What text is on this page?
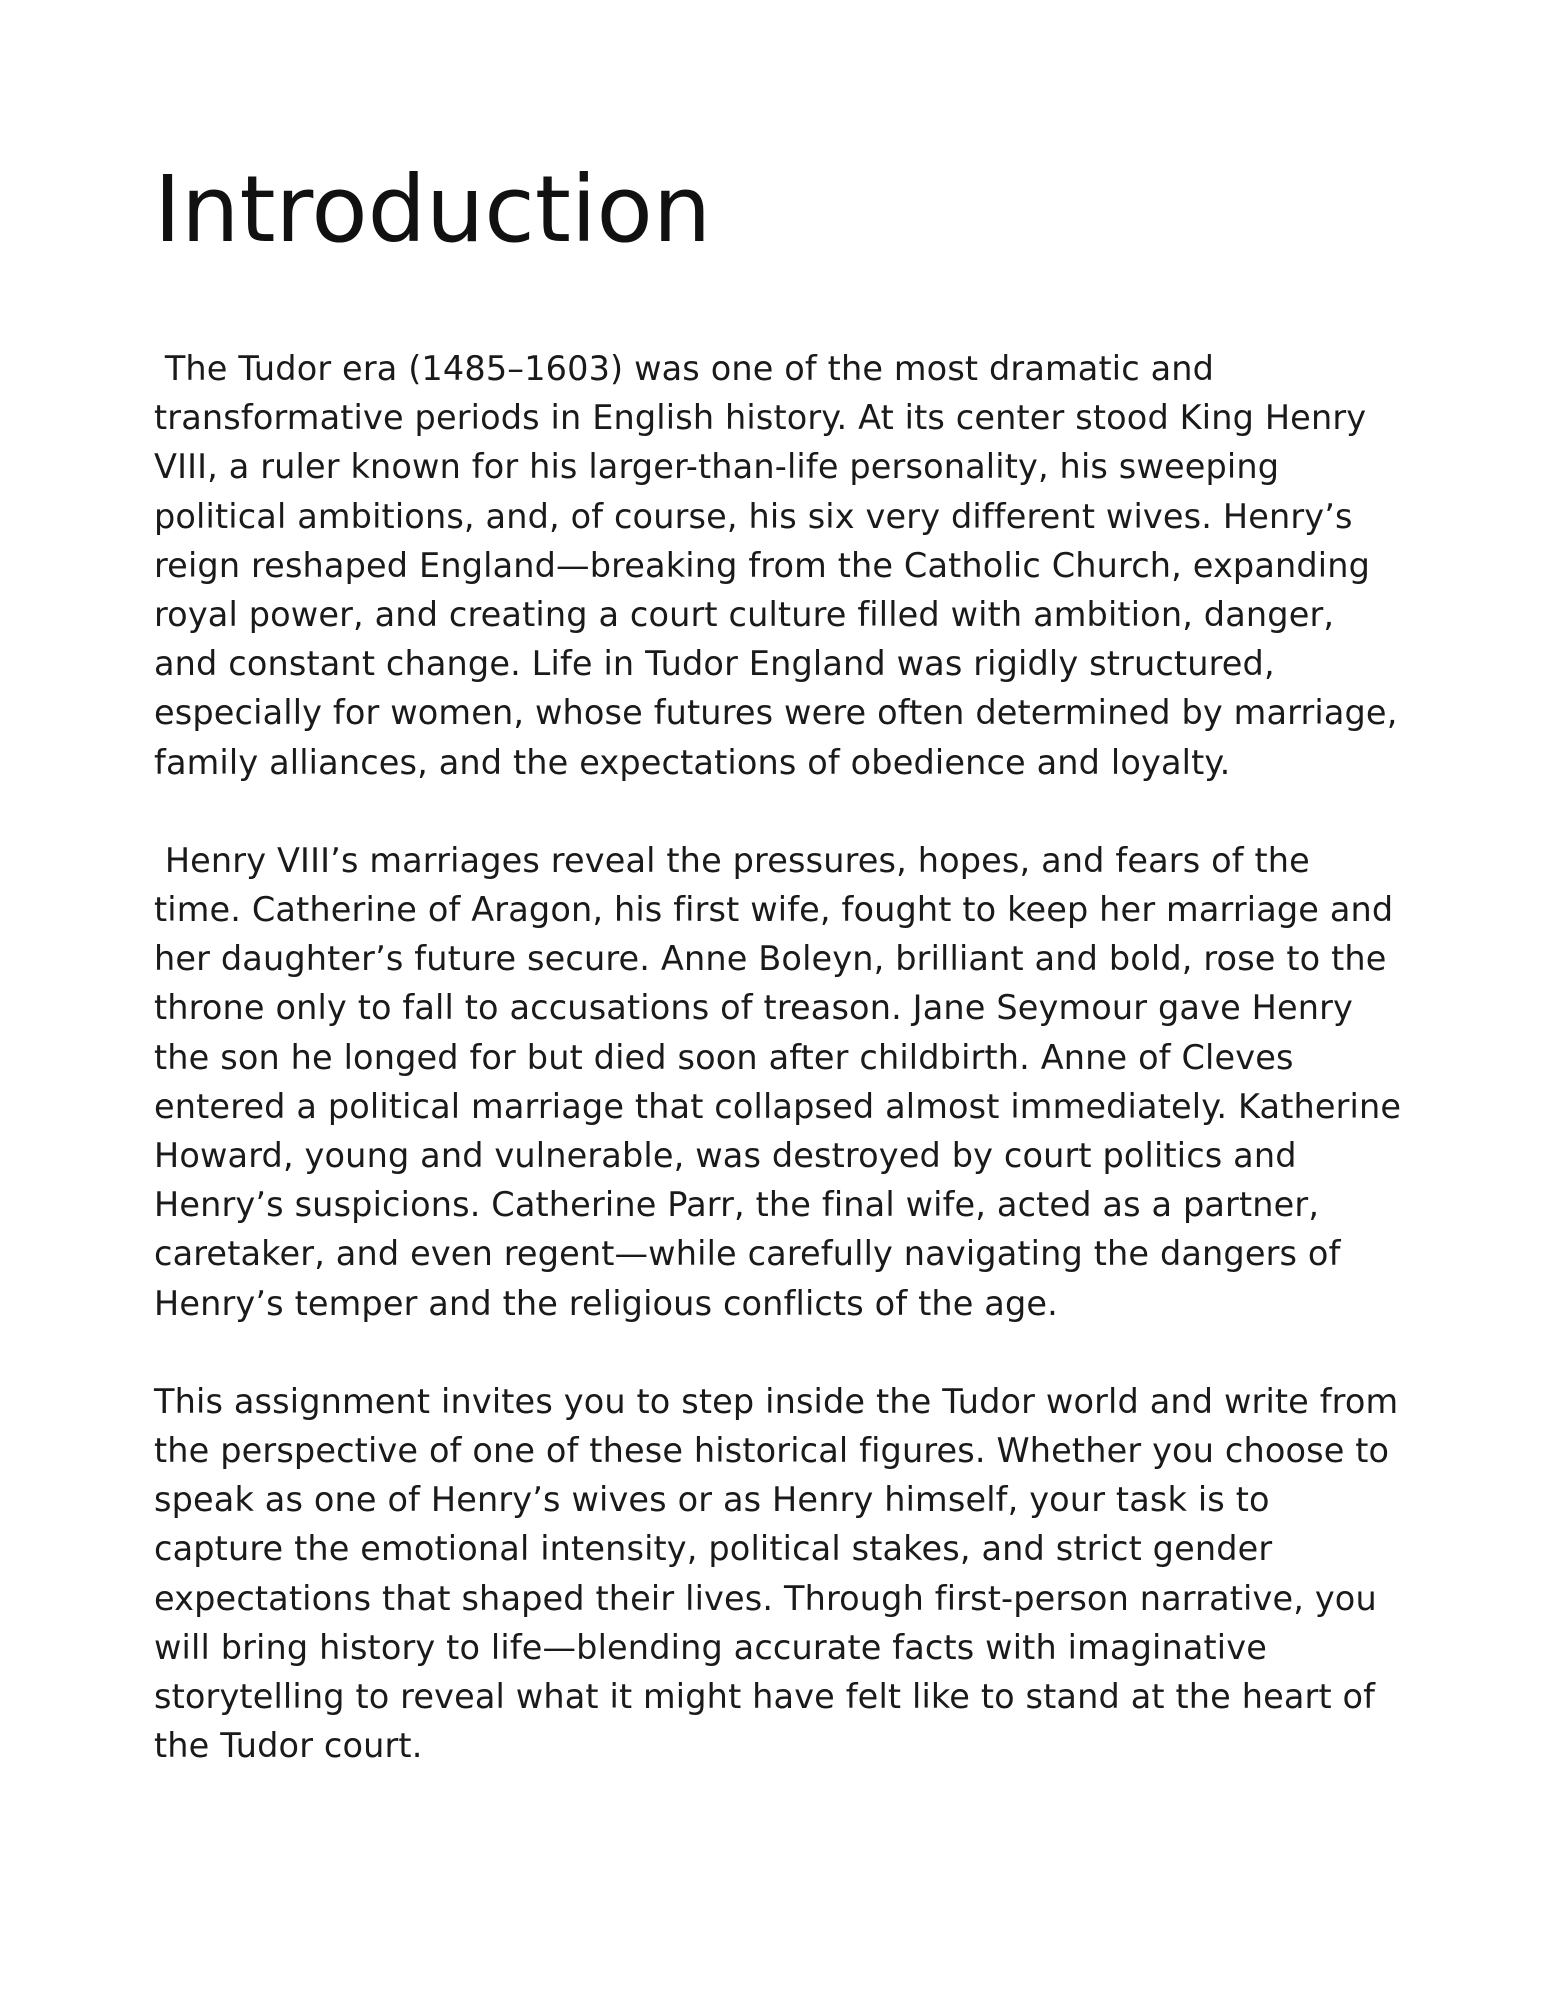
Introduction

The Tudor era (1485–1603) was one of the most dramatic and transformative periods in English history. At its center stood King Henry VIII, a ruler known for his larger-than-life personality, his sweeping political ambitions, and, of course, his six very different wives. Henry’s reign reshaped England—breaking from the Catholic Church, expanding royal power, and creating a court culture filled with ambition, danger, and constant change. Life in Tudor England was rigidly structured, especially for women, whose futures were often determined by marriage, family alliances, and the expectations of obedience and loyalty.

Henry VIII’s marriages reveal the pressures, hopes, and fears of the time. Catherine of Aragon, his first wife, fought to keep her marriage and her daughter’s future secure. Anne Boleyn, brilliant and bold, rose to the throne only to fall to accusations of treason. Jane Seymour gave Henry the son he longed for but died soon after childbirth. Anne of Cleves entered a political marriage that collapsed almost immediately. Katherine Howard, young and vulnerable, was destroyed by court politics and Henry’s suspicions. Catherine Parr, the final wife, acted as a partner, caretaker, and even regent—while carefully navigating the dangers of Henry’s temper and the religious conflicts of the age.

This assignment invites you to step inside the Tudor world and write from the perspective of one of these historical figures. Whether you choose to speak as one of Henry’s wives or as Henry himself, your task is to capture the emotional intensity, political stakes, and strict gender expectations that shaped their lives. Through first-person narrative, you will bring history to life—blending accurate facts with imaginative storytelling to reveal what it might have felt like to stand at the heart of the Tudor court.
